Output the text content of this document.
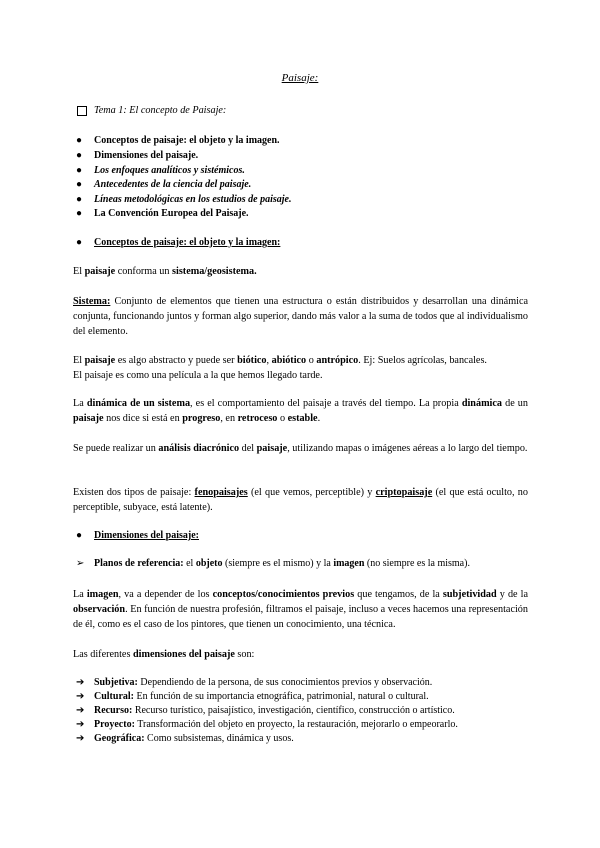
Paisaje:
Tema 1: El concepto de Paisaje:
● Conceptos de paisaje: el objeto y la imagen.
● Dimensiones del paisaje.
● Los enfoques analíticos y sistémicos.
● Antecedentes de la ciencia del paisaje.
● Líneas metodológicas en los estudios de paisaje.
● La Convención Europea del Paisaje.
● Conceptos de paisaje: el objeto y la imagen:
El paisaje conforma un sistema/geosistema.
Sistema: Conjunto de elementos que tienen una estructura o están distribuidos y desarrollan una dinámica conjunta, funcionando juntos y forman algo superior, dando más valor a la suma de todos que al individualismo del elemento.
El paisaje es algo abstracto y puede ser biótico, abiótico o antrópico. Ej: Suelos agrícolas, bancales.
El paisaje es como una película a la que hemos llegado tarde.
La dinámica de un sistema, es el comportamiento del paisaje a través del tiempo. La propia dinámica de un paisaje nos dice si está en progreso, en retroceso o estable.
Se puede realizar un análisis diacrónico del paisaje, utilizando mapas o imágenes aéreas a lo largo del tiempo.
Existen dos tipos de paisaje: fenopaisajes (el que vemos, perceptible) y criptopaisaje (el que está oculto, no perceptible, subyace, está latente).
● Dimensiones del paisaje:
➢ Planos de referencia: el objeto (siempre es el mismo) y la imagen (no siempre es la misma).
La imagen, va a depender de los conceptos/conocimientos previos que tengamos, de la subjetividad y de la observación. En función de nuestra profesión, filtramos el paisaje, incluso a veces hacemos una representación de él, como es el caso de los pintores, que tienen un conocimiento, una técnica.
Las diferentes dimensiones del paisaje son:
➔ Subjetiva: Dependiendo de la persona, de sus conocimientos previos y observación.
➔ Cultural: En función de su importancia etnográfica, patrimonial, natural o cultural.
➔ Recurso: Recurso turístico, paisajístico, investigación, científico, construcción o artístico.
➔ Proyecto: Transformación del objeto en proyecto, la restauración, mejorarlo o empeorarlo.
➔ Geográfica: Como subsistemas, dinámica y usos.
